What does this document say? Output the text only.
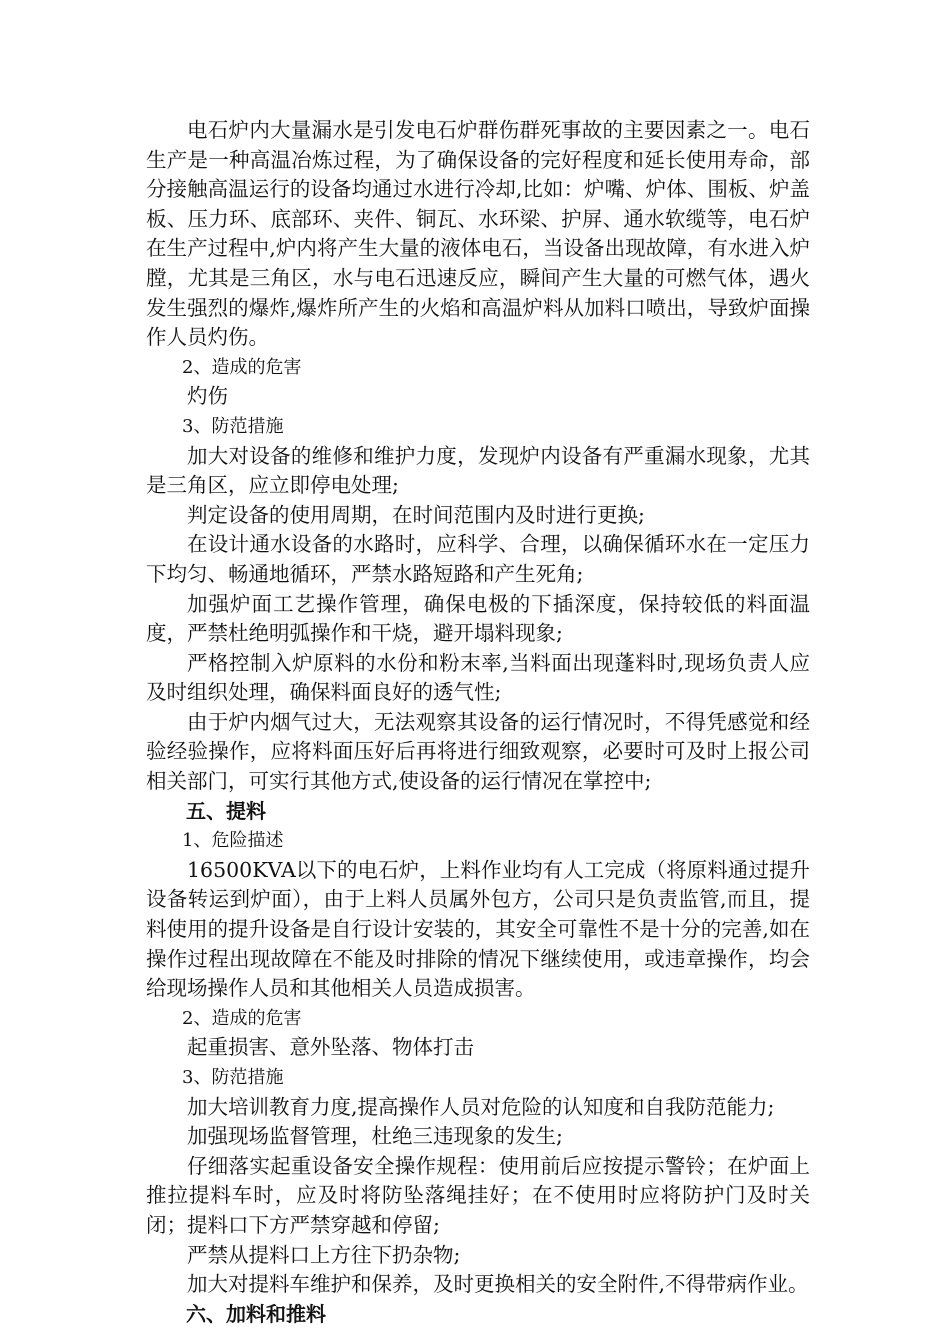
电石炉内大量漏水是引发电石炉群伤群死事故的主要因素之一。电石生产是一种高温冶炼过程，为了确保设备的完好程度和延长使用寿命，部分接触高温运行的设备均通过水进行冷却,比如：炉嘴、炉体、围板、炉盖板、压力环、底部环、夹件、铜瓦、水环梁、护屏、通水软缆等，电石炉在生产过程中,炉内将产生大量的液体电石，当设备出现故障，有水进入炉膛，尤其是三角区，水与电石迅速反应，瞬间产生大量的可燃气体，遇火发生强烈的爆炸,爆炸所产生的火焰和高温炉料从加料口喷出，导致炉面操作人员灼伤。

2、造成的危害

灼伤

3、防范措施

加大对设备的维修和维护力度，发现炉内设备有严重漏水现象，尤其是三角区，应立即停电处理;

判定设备的使用周期，在时间范围内及时进行更换;

在设计通水设备的水路时，应科学、合理，以确保循环水在一定压力下均匀、畅通地循环，严禁水路短路和产生死角;

加强炉面工艺操作管理，确保电极的下插深度，保持较低的料面温度，严禁杜绝明弧操作和干烧，避开塌料现象;

严格控制入炉原料的水份和粉末率,当料面出现蓬料时,现场负责人应及时组织处理，确保料面良好的透气性;

由于炉内烟气过大，无法观察其设备的运行情况时，不得凭感觉和经验经验操作，应将料面压好后再将进行细致观察，必要时可及时上报公司相关部门，可实行其他方式,使设备的运行情况在掌控中;

五、提料

1、危险描述

16500KVA以下的电石炉，上料作业均有人工完成（将原料通过提升设备转运到炉面），由于上料人员属外包方，公司只是负责监管,而且，提料使用的提升设备是自行设计安装的，其安全可靠性不是十分的完善,如在操作过程出现故障在不能及时排除的情况下继续使用，或违章操作，均会给现场操作人员和其他相关人员造成损害。

2、造成的危害

起重损害、意外坠落、物体打击

3、防范措施

加大培训教育力度,提高操作人员对危险的认知度和自我防范能力;

加强现场监督管理，杜绝三违现象的发生;

仔细落实起重设备安全操作规程：使用前后应按提示警铃；在炉面上推拉提料车时，应及时将防坠落绳挂好；在不使用时应将防护门及时关闭；提料口下方严禁穿越和停留;

严禁从提料口上方往下扔杂物;

加大对提料车维护和保养，及时更换相关的安全附件,不得带病作业。

六、加料和推料
